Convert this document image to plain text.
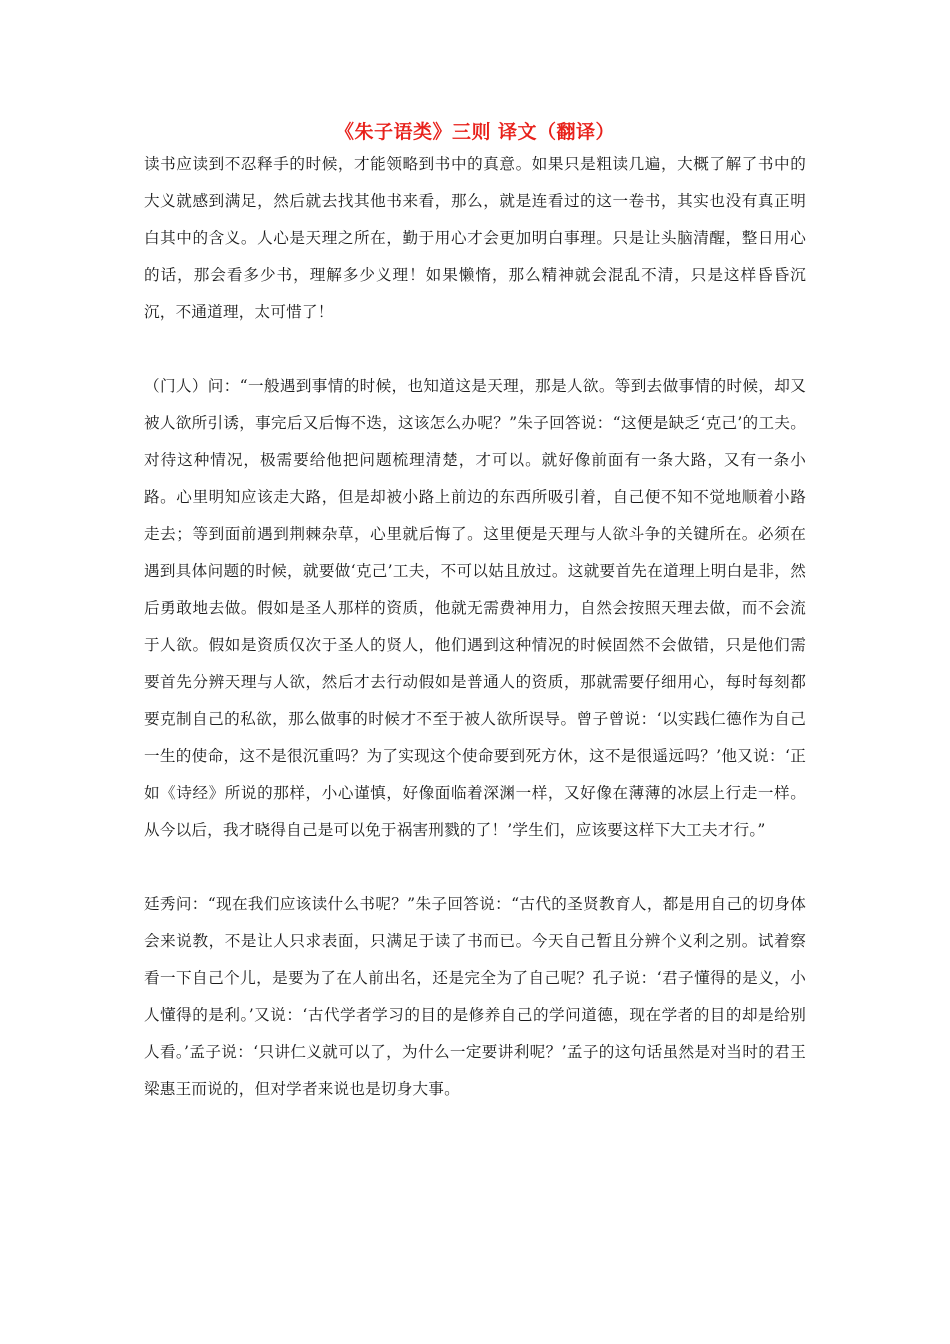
《朱子语类》三则 译文（翻译）

读书应读到不忍释手的时候，才能领略到书中的真意。如果只是粗读几遍，大概了解了书中的大义就感到满足，然后就去找其他书来看，那么，就是连看过的这一卷书，其实也没有真正明白其中的含义。人心是天理之所在，勤于用心才会更加明白事理。只是让头脑清醒，整日用心的话，那会看多少书，理解多少义理！如果懒惰，那么精神就会混乱不清，只是这样昏昏沉沉，不通道理，太可惜了！

（门人）问：“一般遇到事情的时候，也知道这是天理，那是人欲。等到去做事情的时候，却又被人欲所引诱，事完后又后悔不迭，这该怎么办呢？”朱子回答说：“这便是缺乏‘克己’的工夫。对待这种情况，极需要给他把问题梳理清楚，才可以。就好像前面有一条大路，又有一条小路。心里明知应该走大路，但是却被小路上前边的东西所吸引着，自己便不知不觉地顺着小路走去；等到面前遇到荆棘杂草，心里就后悔了。这里便是天理与人欲斗争的关键所在。必须在遇到具体问题的时候，就要做‘克己’工夫，不可以姑且放过。这就要首先在道理上明白是非，然后勇敢地去做。假如是圣人那样的资质，他就无需费神用力，自然会按照天理去做，而不会流于人欲。假如是资质仅次于圣人的贤人，他们遇到这种情况的时候固然不会做错，只是他们需要首先分辨天理与人欲，然后才去行动假如是普通人的资质，那就需要仔细用心，每时每刻都要克制自己的私欲，那么做事的时候才不至于被人欲所误导。曾子曾说：‘以实践仁德作为自己一生的使命，这不是很沉重吗？为了实现这个使命要到死方休，这不是很遥远吗？’他又说：‘正如《诗经》所说的那样，小心谨慎，好像面临着深渊一样，又好像在薄薄的冰层上行走一样。从今以后，我才晓得自己是可以免于祸害刑戮的了！’学生们，应该要这样下大工夫才行。”

廷秀问：“现在我们应该读什么书呢？”朱子回答说：“古代的圣贤教育人，都是用自己的切身体会来说教，不是让人只求表面，只满足于读了书而已。今天自己暂且分辨个义利之别。试着察看一下自己个儿，是要为了在人前出名，还是完全为了自己呢？孔子说：‘君子懂得的是义，小人懂得的是利。’又说：‘古代学者学习的目的是修养自己的学问道德，现在学者的目的却是给别人看。’孟子说：‘只讲仁义就可以了，为什么一定要讲利呢？’孟子的这句话虽然是对当时的君王梁惠王而说的，但对学者来说也是切身大事。
